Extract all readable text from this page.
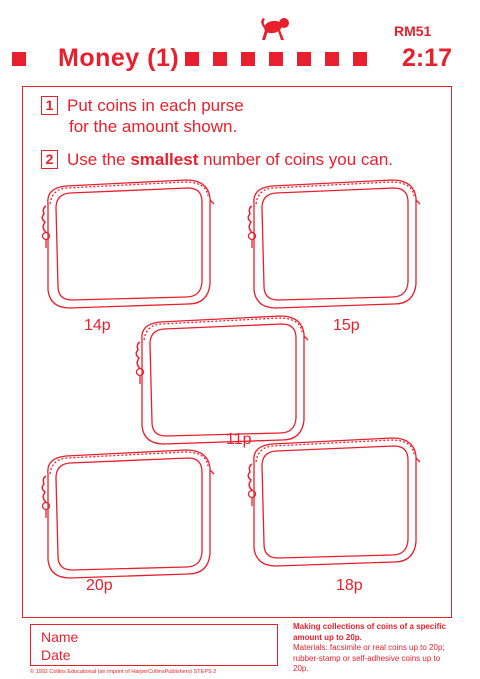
RM51
Money (1)	2:17
1 Put coins in each purse
for the amount shown.
2 Use the smallest number of coins you can.
14p	15p
11p
20p	18p
Name
Date
Making collections of coins of a specific amount up to 20p.
Materials: facsimile or real coins up to 20p; rubber-stamp or self-adhesive coins up to 20p.
© 1992 Collins Educational (an imprint of HarperCollinsPublishers) STEPS 2
